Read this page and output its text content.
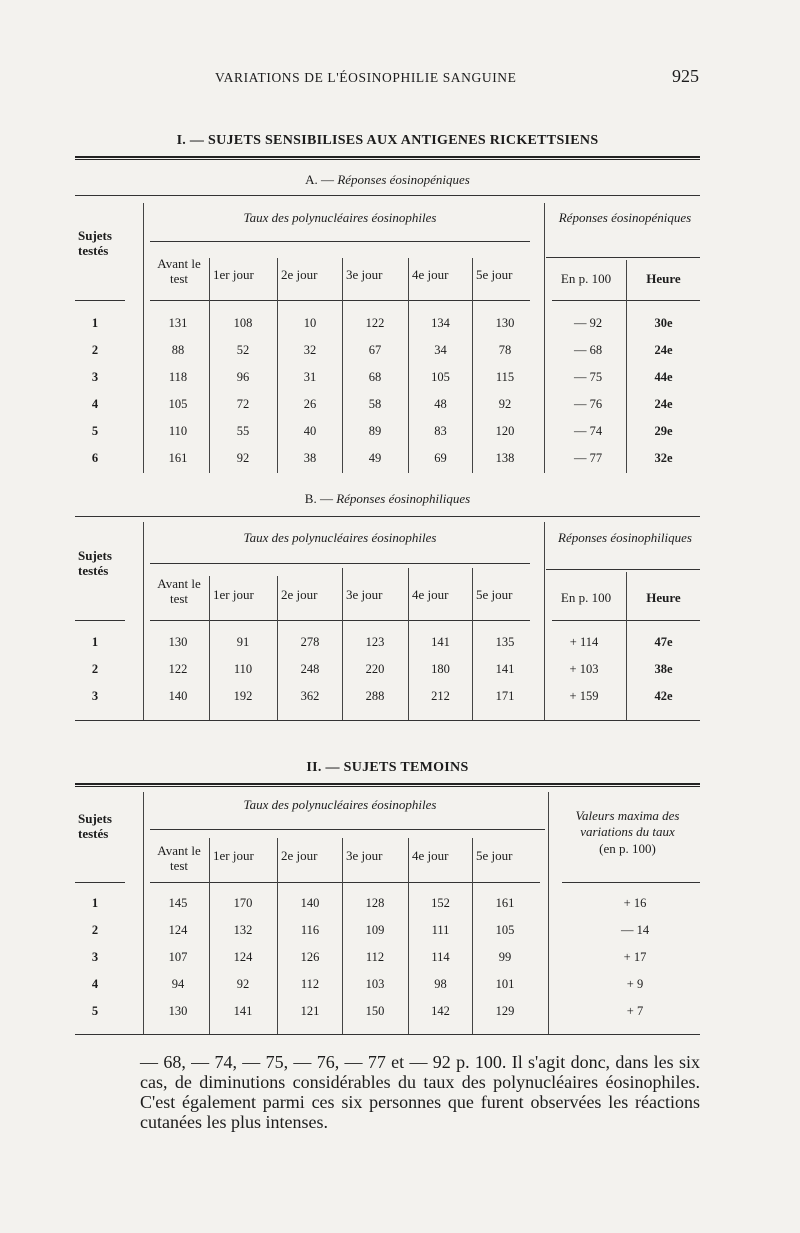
VARIATIONS DE L'ÉOSINOPHILIE SANGUINE	925
I. — SUJETS SENSIBILISES AUX ANTIGENES RICKETTSIENS
A. — Réponses éosinopéniques
Sujets testés
Taux des polynucléaires éosinophiles	Réponses éosinopéniques
Avant le test	1er jour 2e jour 3e jour 4e jour 5e jour	En p. 100	Heure
1	131	108	10	122	134	130	— 92	30e
2	88	52	32	67	34	78	— 68	24e
3	118	96	31	68	105	115	— 75	44e
4	105	72	26	58	48	92	— 76	24e
5	110	55	40	89	83	120	— 74	29e
6	161	92	38	49	69	138	— 77	32e
B. — Réponses éosinophiliques
Sujets testés
Taux des polynucléaires éosinophiles	Réponses éosinophiliques
Avant le test	1er jour 2e jour 3e jour 4e jour 5e jour	En p. 100	Heure
1	130	91	278	123	141	135	+ 114	47e
2	122	110	248	220	180	141	+ 103	38e
3	140	192	362	288	212	171	+ 159	42e
II. — SUJETS TEMOINS
Sujets testés
Taux des polynucléaires éosinophiles
Valeurs maxima des variations du taux
(en p. 100)
Avant le test
1er jour 2e jour 3e jour 4e jour 5e jour
1	145	170	140	128	152	161	+ 16
2	124	132	116	109	111	105	— 14
3	107	124	126	112	114	99	+ 17
4	94	92	112	103	98	101	+ 9
5	130	141	121	150	142	129	+ 7
— 68, — 74, — 75, — 76, — 77 et — 92 p. 100. Il s'agit donc, dans les six cas, de diminutions considérables du taux des polynucléaires éosinophiles. C'est également parmi ces six personnes que furent observées les réactions cutanées les plus intenses.
